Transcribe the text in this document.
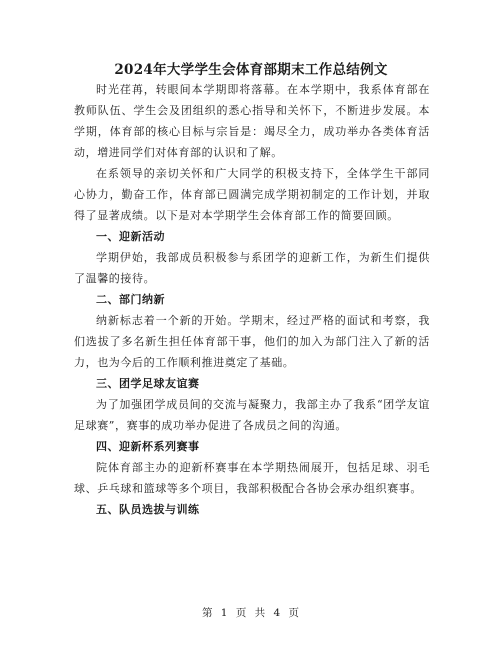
2024年大学学生会体育部期末工作总结例文

时光荏苒，转眼间本学期即将落幕。在本学期中，我系体育部在教师队伍、学生会及团组织的悉心指导和关怀下，不断进步发展。本学期，体育部的核心目标与宗旨是：竭尽全力，成功举办各类体育活动，增进同学们对体育部的认识和了解。

在系领导的亲切关怀和广大同学的积极支持下，全体学生干部同心协力，勤奋工作，体育部已圆满完成学期初制定的工作计划，并取得了显著成绩。以下是对本学期学生会体育部工作的简要回顾。

一、迎新活动

学期伊始，我部成员积极参与系团学的迎新工作，为新生们提供了温馨的接待。

二、部门纳新

纳新标志着一个新的开始。学期末，经过严格的面试和考察，我们选拔了多名新生担任体育部干事，他们的加入为部门注入了新的活力，也为今后的工作顺利推进奠定了基础。

三、团学足球友谊赛

为了加强团学成员间的交流与凝聚力，我部主办了我系“团学友谊足球赛”，赛事的成功举办促进了各成员之间的沟通。

四、迎新杯系列赛事

院体育部主办的迎新杯赛事在本学期热闹展开，包括足球、羽毛球、乒乓球和篮球等多个项目，我部积极配合各协会承办组织赛事。

五、队员选拔与训练

第 1 页 共 4 页
